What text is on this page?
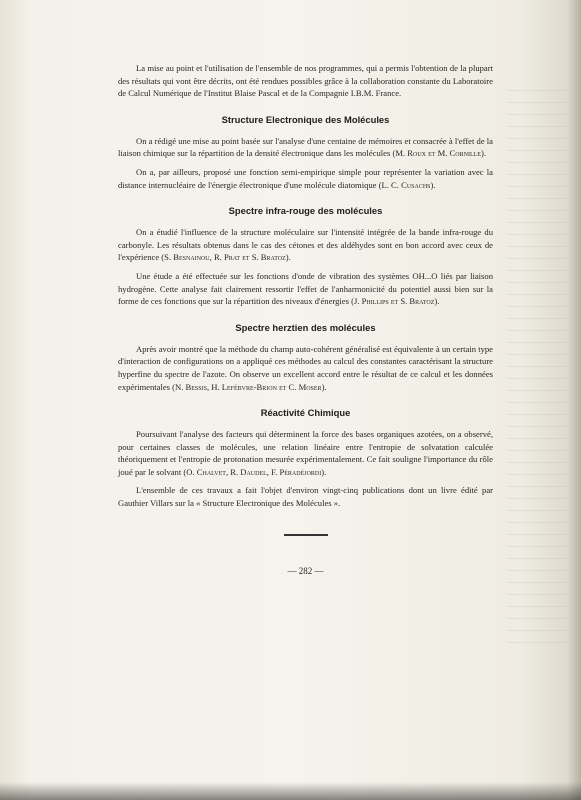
La mise au point et l'utilisation de l'ensemble de nos programmes, qui a permis l'obtention de la plupart des résultats qui vont être décrits, ont été rendues possibles grâce à la collaboration constante du Laboratoire de Calcul Numérique de l'Institut Blaise Pascal et de la Compagnie I.B.M. France.

Structure Electronique des Molécules

On a rédigé une mise au point basée sur l'analyse d'une centaine de mémoires et consacrée à l'effet de la liaison chimique sur la répartition de la densité électronique dans les molécules (M. Roux et M. Cornille).

On a, par ailleurs, proposé une fonction semi-empirique simple pour représenter la variation avec la distance internucléaire de l'énergie électronique d'une molécule diatomique (L. C. Cusachs).

Spectre infra-rouge des molécules

On a étudié l'influence de la structure moléculaire sur l'intensité intégrée de la bande infra-rouge du carbonyle. Les résultats obtenus dans le cas des cétones et des aldéhydes sont en bon accord avec ceux de l'expérience (S. Besnainou, R. Prat et S. Bratoz).

Une étude a été effectuée sur les fonctions d'onde de vibration des systèmes OH...O liés par liaison hydrogène. Cette analyse fait clairement ressortir l'effet de l'anharmonicité du potentiel aussi bien sur la forme de ces fonctions que sur la répartition des niveaux d'énergies (J. Phillips et S. Bratoz).

Spectre herztien des molécules

Après avoir montré que la méthode du champ auto-cohérent généralisé est équivalente à un certain type d'interaction de configurations on a appliqué ces méthodes au calcul des constantes caractérisant la structure hyperfine du spectre de l'azote. On observe un excellent accord entre le résultat de ce calcul et les données expérimentales (N. Bessis, H. Lefèbvre-Brion et C. Moser).

Réactivité Chimique

Poursuivant l'analyse des facteurs qui déterminent la force des bases organiques azotées, on a observé, pour certaines classes de molécules, une relation linéaire entre l'entropie de solvatation calculée théoriquement et l'entropie de protonation mesurée expérimentalement. Ce fait souligne l'importance du rôle joué par le solvant (O. Chalvet, R. Daudel, F. Péradéjordi).

L'ensemble de ces travaux a fait l'objet d'environ vingt-cinq publications dont un livre édité par Gauthier Villars sur la « Structure Electronique des Molécules ».

— 282 —
